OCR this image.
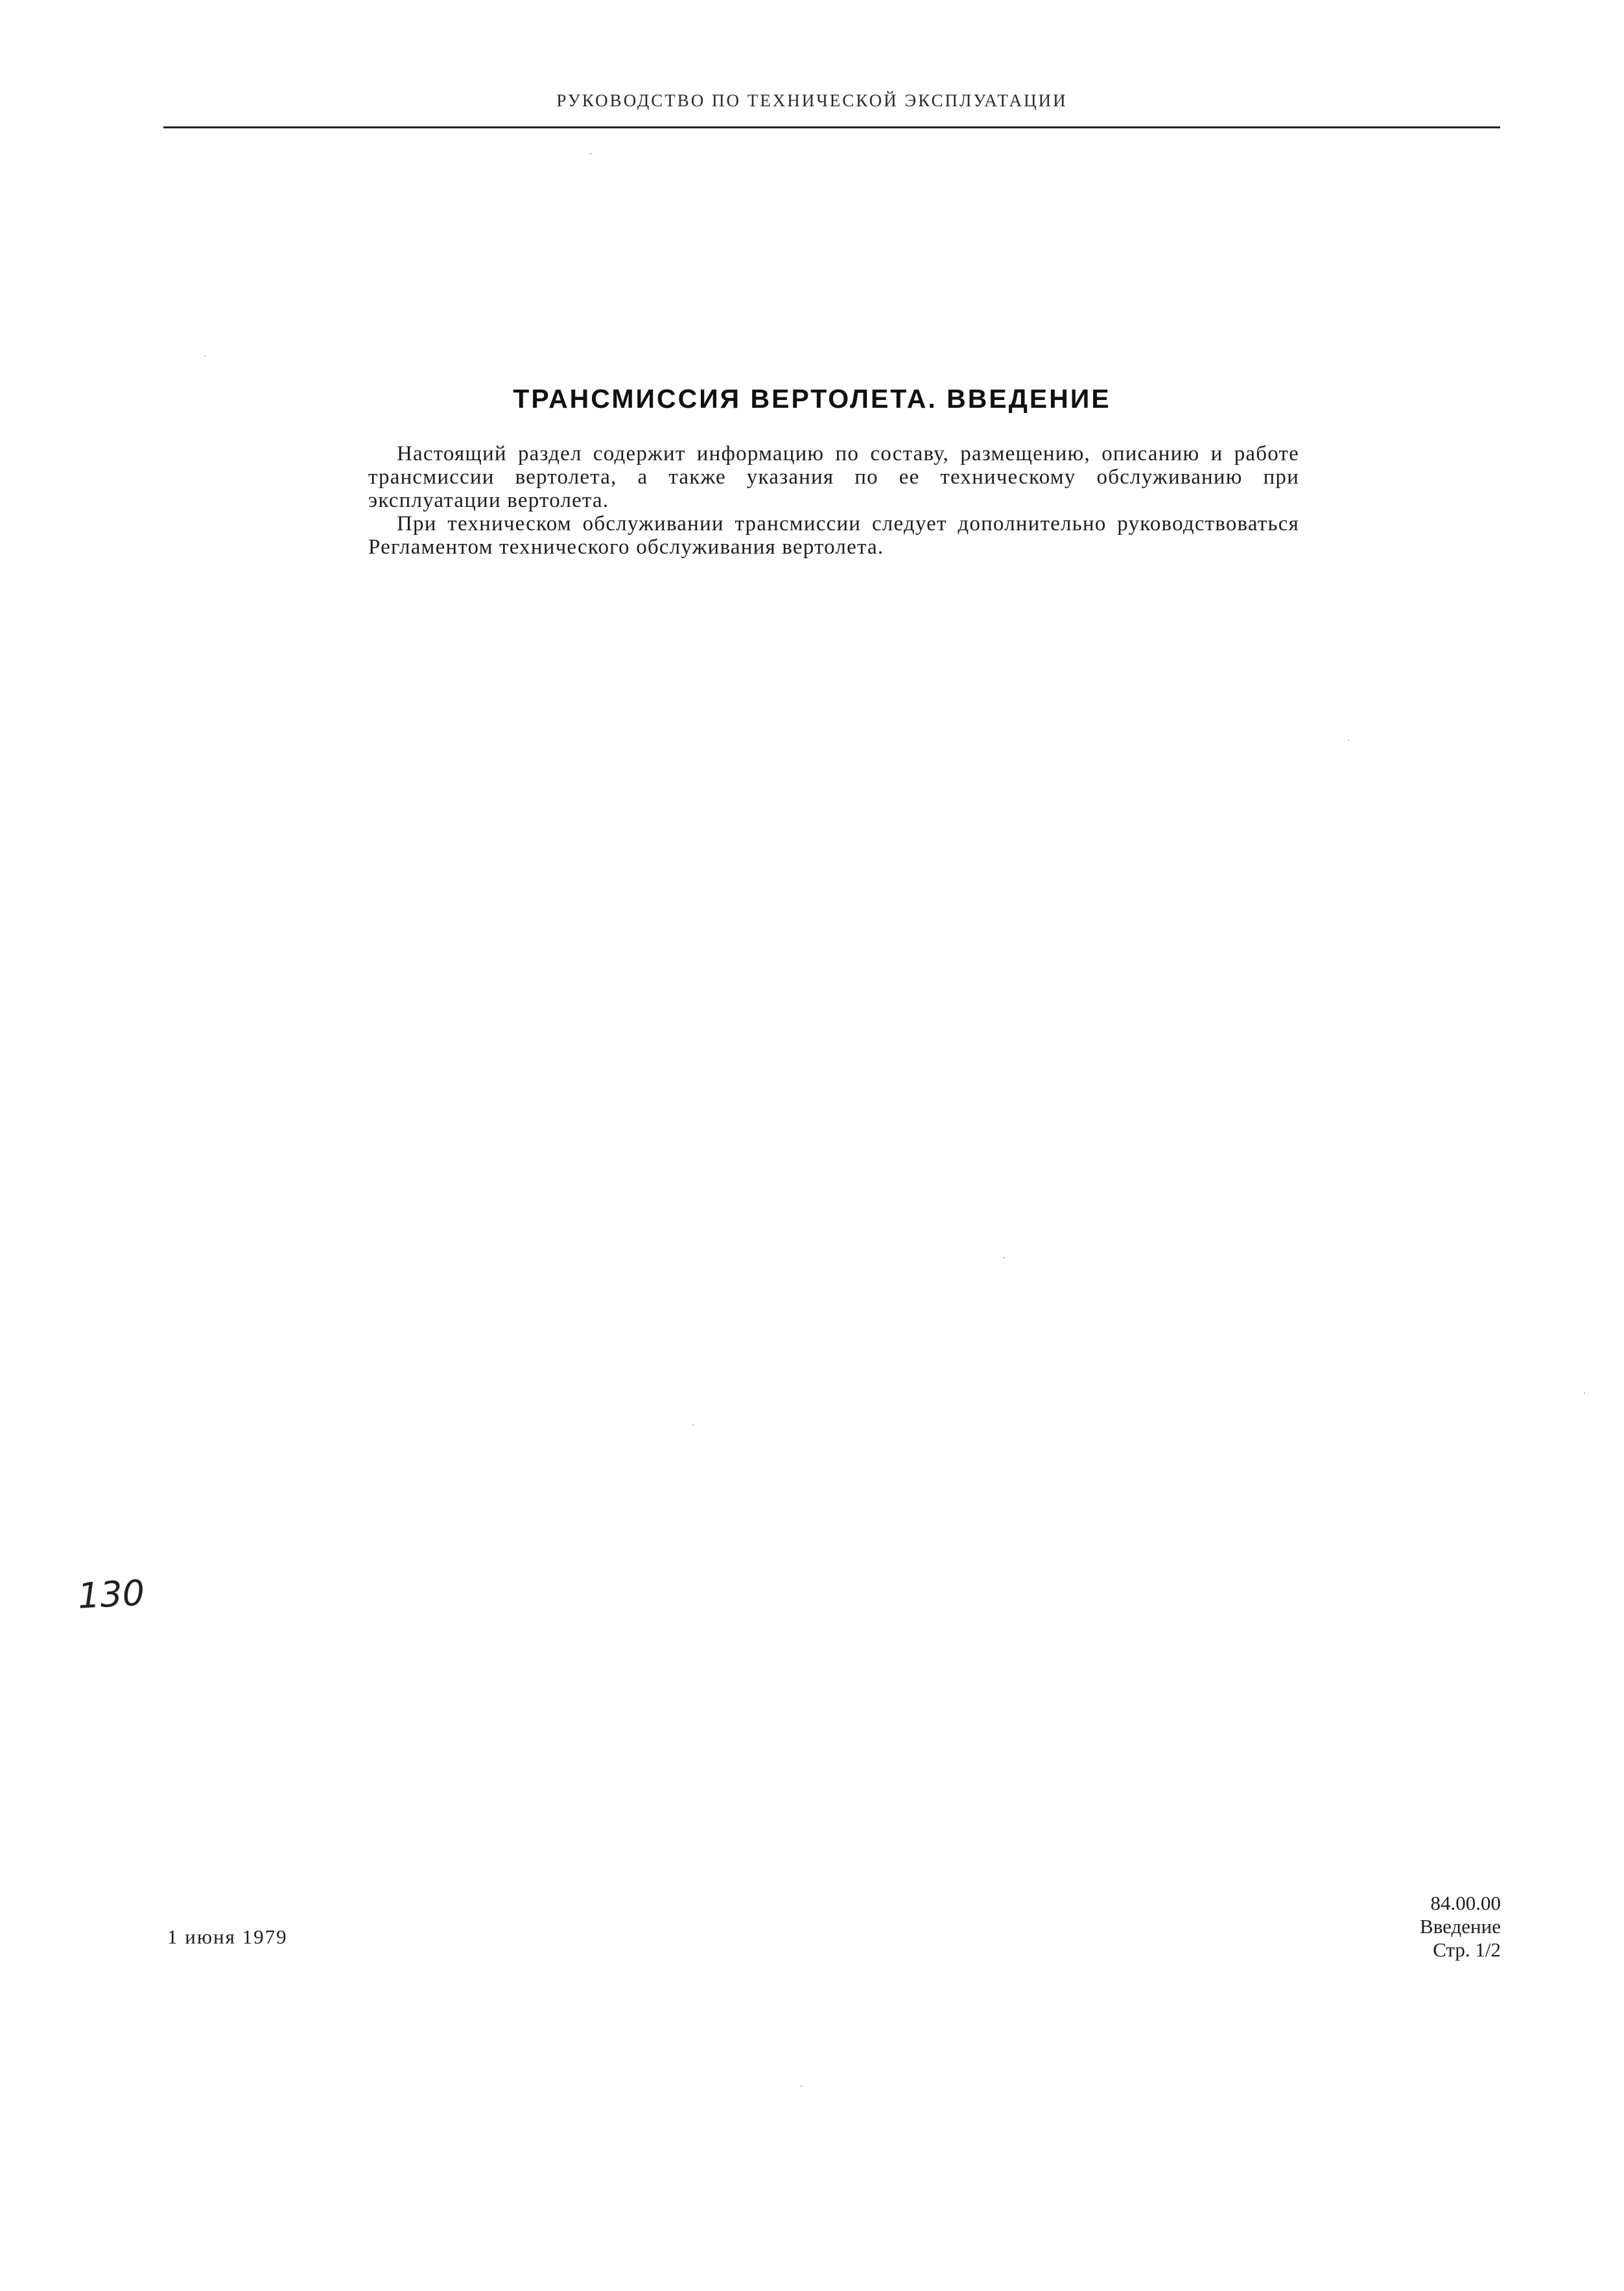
РУКОВОДСТВО ПО ТЕХНИЧЕСКОЙ ЭКСПЛУАТАЦИИ
ТРАНСМИССИЯ ВЕРТОЛЕТА. ВВЕДЕНИЕ

Настоящий раздел содержит информацию по составу, размещению, описанию и работе трансмиссии вертолета, а также указания по ее техническому обслуживанию при эксплуатации вертолета.

При техническом обслуживании трансмиссии следует дополнительно руководствоваться Регламентом технического обслуживания вертолета.

130
1 июня 1979
84.00.00
Введение
Стр. 1/2
